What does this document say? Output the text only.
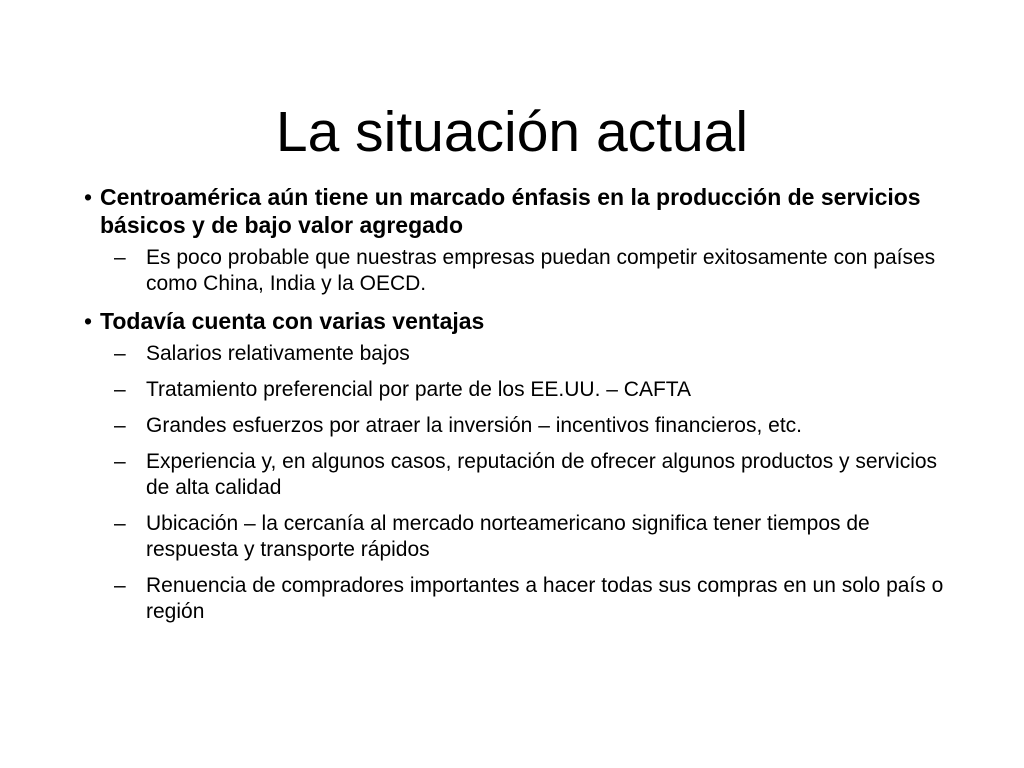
La situación actual
• Centroamérica aún tiene un marcado énfasis en la producción de servicios básicos y de bajo valor agregado
– Es poco probable que nuestras empresas puedan competir exitosamente con países como China, India y la OECD.
• Todavía cuenta con varias ventajas
– Salarios relativamente bajos
– Tratamiento preferencial por parte de los EE.UU. – CAFTA
– Grandes esfuerzos por atraer la inversión – incentivos financieros, etc.
– Experiencia y, en algunos casos, reputación de ofrecer algunos productos y servicios de alta calidad
– Ubicación – la cercanía al mercado norteamericano significa tener tiempos de respuesta y transporte rápidos
– Renuencia de compradores importantes a hacer todas sus compras en un solo país o región
